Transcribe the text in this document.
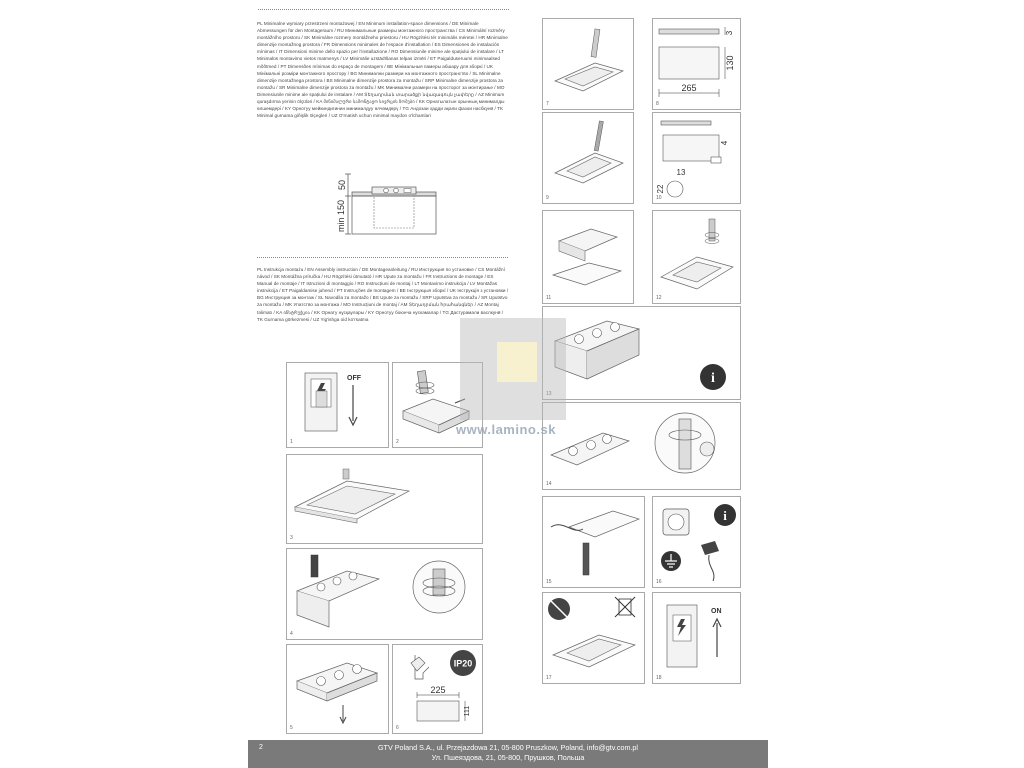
PL Minimalne wymiary przestrzeni montażowej / EN Minimum installation-space dimensions / DE Minimale Abmessungen für den Montageraum / RU Минимальные размеры монтажного пространства / CS Minimální rozměry montážního prostoru / SK Minimálne rozmery montážneho priestoru / HU Rögzítési tér minimális méretei / HR Minimalne dimenzije montažnog prostora / FR Dimensions minimales de l'espace d'installation / ES Dimensiones de instalación mínimas / IT Dimensioni minime dello spazio per l'installazione / RO Dimensiunile minime ale spațiului de instalare / LT Minimalūs montavimo vietos matmenys / LV Minimālie uzstādīšanas telpas izmēri / ET Paigalduseruumi minimaalsed mõõtmed / PT Dimensões mínimas do espaço de montagem / BE Мінімальныя памеры абшару для зборкі / UK Мінімальні розміри монтажного простору / BG Минимални размери на монтажното пространство / SL Minimalne dimenzije montažnega prostora / BS Minimalne dimenzije prostora za montažu / SRP Minimalne dimenzije prostora za montažu / SR Minimalne dimenzije prostora za montažu / MK Минимални размери на просторот за монтирање / MO Dimensiunile minime ale spațiului de instalare / AM Տեղադրման տարածքի նվազագույն չափերը / AZ Minimum quraşdırma yerinin ölçüləri / KA მინიმალური სამონტაჟო სივრცის ზომები / KK Орнатылатын орынның минималды өлшемдері / KY Орнотуу мейкиндигинин минималдуу өлчөмдөрү / TG Андозаи ҳадди ақали фазои насбкунӣ / TK Minimal gurnama giňişlik ölçegleri / UZ O'rnatish uchun minimal maydon o'lchamlari
50
min 150
PL Instrukcja montażu / EN Assembly instruction / DE Montageanleitung / RU Инструкция по установке / CS Montážní návod / SK Montážna príručka / HU Rögzítési útmutató / HR Upute za montažu / FR Instructions de montage / ES Manual de montaje / IT Istruzioni di montaggio / RO Instrucțiuni de montaj / LT Montavimo instrukcija / LV Montāžas instrukcija / ET Paigaldamise juhend / PT Instruções de montagem / BE Інструкцыя зборкі / UK Інструкція з установки / BG Инструкция за монтаж / SL Navodila za montažo / BS Upute za montažu / SRP Uputstva za montažu / SR Uputstvo za montažu / MK Упатство за монтажа / MO Instrucțiuni de montaj / AM Տեղադրման հրահանգներ / AZ Montaj təlimatı / KA ინსტრუქცია / KK Орнату нұсқаулары / KY Орнотуу боюнча нускамалар / TG Дастурамали васлкунӣ / TK Gurnama görkezmesi / UZ Yig'ishga oid ko'rsatma
OFF
1	2
3
4
5
IP20
225
111
6
7
3
130
265
8
9
4
13
22
10
11	12
i
13
14
15
i
16
17
ON
18
www.lamino.sk
2	GTV Poland S.A., ul. Przejazdowa 21, 05-800 Pruszkow, Poland, info@gtv.com.pl
Ул. Пшеяздова, 21, 05-800, Прушков, Польша
